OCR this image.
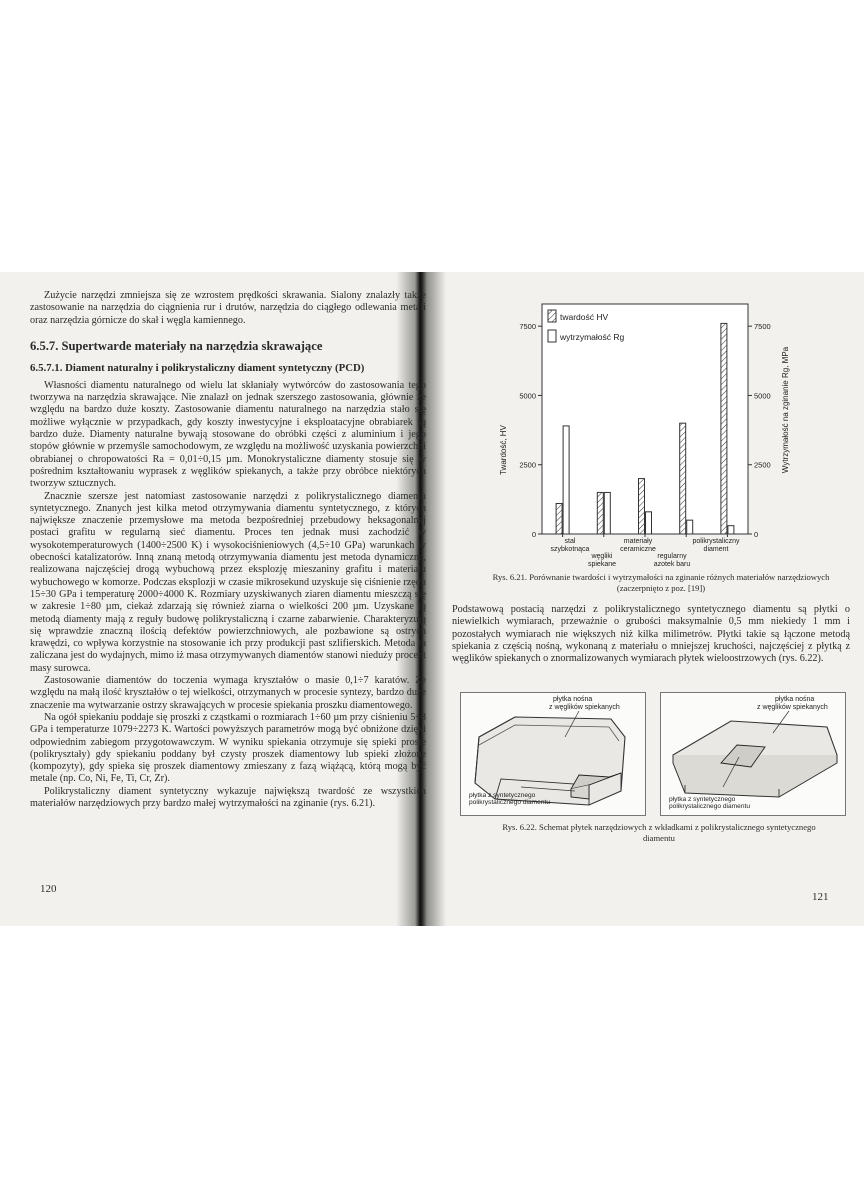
Zużycie narzędzi zmniejsza się ze wzrostem prędkości skrawania. Sialony znalazły także zastosowanie na narzędzia do ciągnienia rur i drutów, narzędzia do ciągłego odlewania metali oraz narzędzia górnicze do skał i węgla kamiennego.

6.5.7. Supertwarde materiały na narzędzia skrawające
6.5.7.1. Diament naturalny i polikrystaliczny diament syntetyczny (PCD)

Własności diamentu naturalnego od wielu lat skłaniały wytwórców do zastosowania tego tworzywa na narzędzia skrawające. Nie znalazł on jednak szerszego zastosowania, głównie ze względu na bardzo duże koszty. Zastosowanie diamentu naturalnego na narzędzia stało się możliwe wyłącznie w przypadkach, gdy koszty inwestycyjne i eksploatacyjne obrabiarek są bardzo duże. Diamenty naturalne bywają stosowane do obróbki części z aluminium i jego stopów głównie w przemyśle samochodowym, ze względu na możliwość uzyskania powierzchni obrabianej o chropowatości Ra = 0,01÷0,15 µm. Monokrystaliczne diamenty stosuje się w pośrednim kształtowaniu wyprasek z węglików spiekanych, a także przy obróbce niektórych tworzyw sztucznych.

Znacznie szersze jest natomiast zastosowanie narzędzi z polikrystalicznego diamentu syntetycznego. Znanych jest kilka metod otrzymywania diamentu syntetycznego, z których największe znaczenie przemysłowe ma metoda bezpośredniej przebudowy heksagonalnej postaci grafitu w regularną sieć diamentu. Proces ten jednak musi zachodzić w wysokotemperaturowych (1400÷2500 K) i wysokociśnieniowych (4,5÷10 GPa) warunkach w obecności katalizatorów. Inną znaną metodą otrzymywania diamentu jest metoda dynamiczna, realizowana najczęściej drogą wybuchową przez eksplozję mieszaniny grafitu i materiału wybuchowego w komorze. Podczas eksplozji w czasie mikrosekund uzyskuje się ciśnienie rzędu 15÷30 GPa i temperaturę 2000÷4000 K. Rozmiary uzyskiwanych ziaren diamentu mieszczą się w zakresie 1÷80 µm, ciekaż zdarzają się również ziarna o wielkości 200 µm. Uzyskane tą metodą diamenty mają z reguły budowę polikrystaliczną i czarne zabarwienie. Charakteryzują się wprawdzie znaczną ilością defektów powierzchniowych, ale pozbawione są ostrych krawędzi, co wpływa korzystnie na stosowanie ich przy produkcji past szlifierskich. Metoda ta zaliczana jest do wydajnych, mimo iż masa otrzymywanych diamentów stanowi nieduży procent masy surowca.

Zastosowanie diamentów do toczenia wymaga kryształów o masie 0,1÷7 karatów. Ze względu na małą ilość kryształów o tej wielkości, otrzymanych w procesie syntezy, bardzo duże znaczenie ma wytwarzanie ostrzy skrawających w procesie spiekania proszku diamentowego.

Na ogół spiekaniu poddaje się proszki z cząstkami o rozmiarach 1÷60 µm przy ciśnieniu 5÷8 GPa i temperaturze 1079÷2273 K. Wartości powyższych parametrów mogą być obniżone dzięki odpowiednim zabiegom przygotowawczym. W wyniku spiekania otrzymuje się spieki proste (polikryształy) gdy spiekaniu poddany był czysty proszek diamentowy lub spieki złożone (kompozyty), gdy spieka się proszek diamentowy zmieszany z fazą wiążącą, którą mogą być metale (np. Co, Ni, Fe, Ti, Cr, Zr).

Polikrystaliczny diament syntetyczny wykazuje największą twardość ze wszystkich materiałów narzędziowych przy bardzo małej wytrzymałości na zginanie (rys. 6.21).

120
twardość HV
wytrzymałość Rg
0	0
2500	2500
5000	5000
7500	7500
Twardość, HV	Wytrzymałość na zginanie Rg, MPa
stal
szybkotnąca
materiały
ceramiczne
polikrystaliczny
diament
węgliki
spiekane
regularny
azotek baru

Rys. 6.21. Porównanie twardości i wytrzymałości na zginanie różnych materiałów narzędziowych (zaczerpnięto z poz. [19])

Podstawową postacią narzędzi z polikrystalicznego syntetycznego diamentu są płytki o niewielkich wymiarach, przeważnie o grubości maksymalnie 0,5 mm niekiedy 1 mm i pozostałych wymiarach nie większych niż kilka milimetrów. Płytki takie są łączone metodą spiekania z częścią nośną, wykonaną z materiału o mniejszej kruchości, najczęściej z płytką z węglików spiekanych o znormalizowanych wymiarach płytek wieloostrzowych (rys. 6.22).

płytka nośna
z węglików spiekanych
płytka z syntetycznego
polikrystalicznego diamentu
płytka nośna
z węglików spiekanych
płytka z syntetycznego
polikrystalicznego diamentu

Rys. 6.22. Schemat płytek narzędziowych z wkładkami z polikrystalicznego syntetycznego diamentu

121
